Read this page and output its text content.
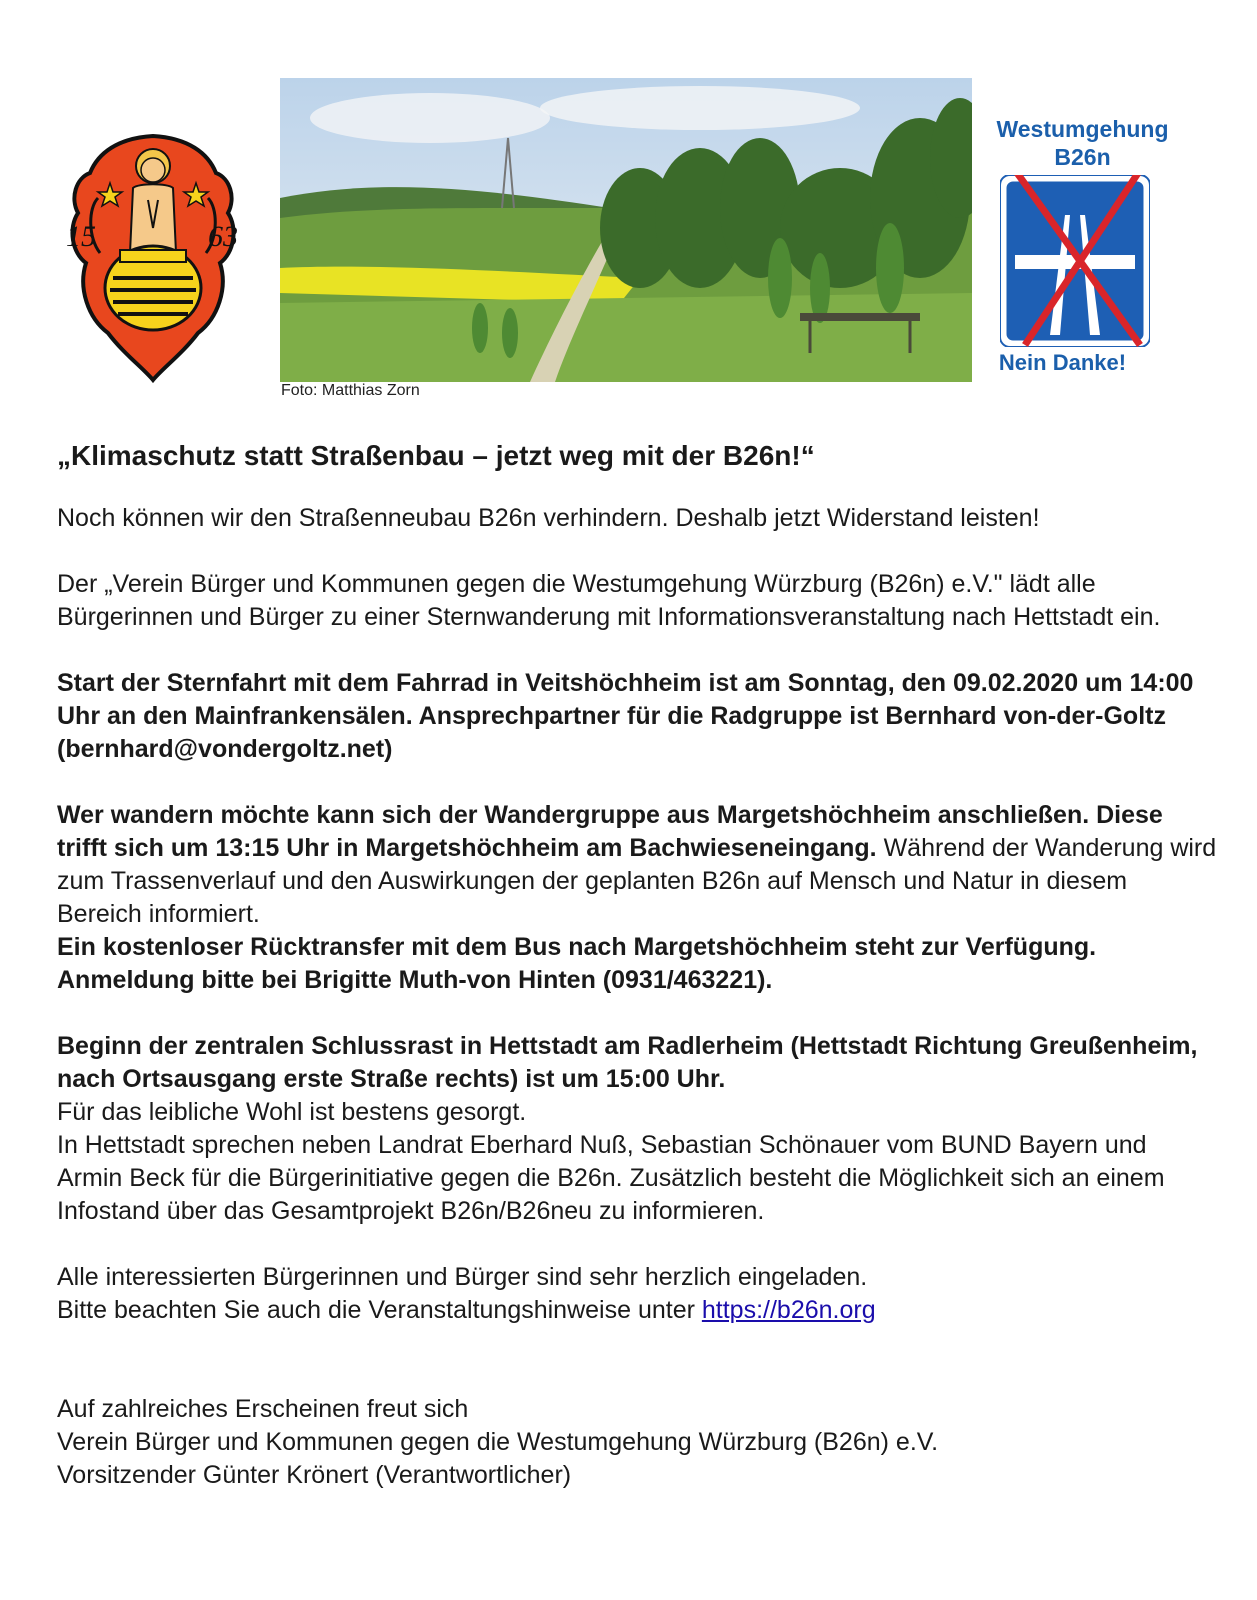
15	63
Foto: Matthias Zorn
Westumgehung
B26n
Nein Danke!
„Klimaschutz statt Straßenbau – jetzt weg mit der B26n!“

Noch können wir den Straßenneubau B26n verhindern. Deshalb jetzt Widerstand leisten!

Der „Verein Bürger und Kommunen gegen die Westumgehung Würzburg (B26n) e.V." lädt alle Bürgerinnen und Bürger zu einer Sternwanderung mit Informationsveranstaltung nach Hettstadt ein.

Start der Sternfahrt mit dem Fahrrad in Veitshöchheim ist am Sonntag, den 09.02.2020 um 14:00 Uhr an den Mainfrankensälen. Ansprechpartner für die Radgruppe ist Bernhard von-der-Goltz (bernhard@vondergoltz.net)

Wer wandern möchte kann sich der Wandergruppe aus Margetshöchheim anschließen. Diese trifft sich um 13:15 Uhr in Margetshöchheim am Bachwieseneingang. Während der Wanderung wird zum Trassenverlauf und den Auswirkungen der geplanten B26n auf Mensch und Natur in diesem Bereich informiert.
Ein kostenloser Rücktransfer mit dem Bus nach Margetshöchheim steht zur Verfügung. Anmeldung bitte bei Brigitte Muth-von Hinten (0931/463221).

Beginn der zentralen Schlussrast in Hettstadt am Radlerheim (Hettstadt Richtung Greußenheim, nach Ortsausgang erste Straße rechts) ist um 15:00 Uhr.
Für das leibliche Wohl ist bestens gesorgt.
In Hettstadt sprechen neben Landrat Eberhard Nuß, Sebastian Schönauer vom BUND Bayern und Armin Beck für die Bürgerinitiative gegen die B26n. Zusätzlich besteht die Möglichkeit sich an einem Infostand über das Gesamtprojekt B26n/B26neu zu informieren.

Alle interessierten Bürgerinnen und Bürger sind sehr herzlich eingeladen.
Bitte beachten Sie auch die Veranstaltungshinweise unter https://b26n.org

Auf zahlreiches Erscheinen freut sich
Verein Bürger und Kommunen gegen die Westumgehung Würzburg (B26n) e.V.
Vorsitzender Günter Krönert (Verantwortlicher)
